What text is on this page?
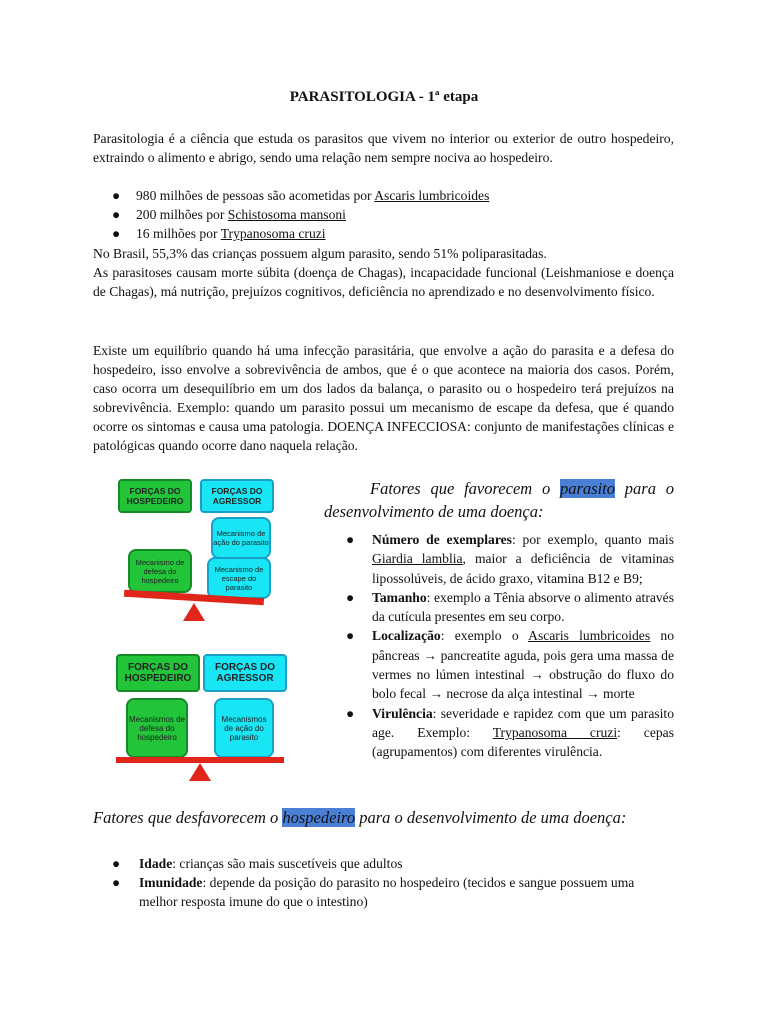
PARASITOLOGIA - 1ª etapa
Parasitologia é a ciência que estuda os parasitos que vivem no interior ou exterior de outro hospedeiro, extraindo o alimento e abrigo, sendo uma relação nem sempre nociva ao hospedeiro.
● 980 milhões de pessoas são acometidas por Ascaris lumbricoides
● 200 milhões por Schistosoma mansoni
● 16 milhões por Trypanosoma cruzi
No Brasil, 55,3% das crianças possuem algum parasito, sendo 51% poliparasitadas.
As parasitoses causam morte súbita (doença de Chagas), incapacidade funcional (Leishmaniose e doença de Chagas), má nutrição, prejuízos cognitivos, deficiência no aprendizado e no desenvolvimento físico.
Existe um equilíbrio quando há uma infecção parasitária, que envolve a ação do parasita e a defesa do hospedeiro, isso envolve a sobrevivência de ambos, que é o que acontece na maioria dos casos. Porém, caso ocorra um desequilíbrio em um dos lados da balança, o parasito ou o hospedeiro terá prejuízos na sobrevivência. Exemplo: quando um parasito possui um mecanismo de escape da defesa, que é quando ocorre os sintomas e causa uma patologia. DOENÇA INFECCIOSA: conjunto de manifestações clínicas e patológicas quando ocorre dano naquela relação.
FORÇAS DO HOSPEDEIRO
FORÇAS DO AGRESSOR
Mecanismo de ação do parasito
Mecanismo de escape do parasito
Mecanismo de defesa do hospedeiro
FORÇAS DO HOSPEDEIRO
FORÇAS DO AGRESSOR
Mecanismos de defesa do hospedeiro
Mecanismos de ação do parasito
Fatores que favorecem o parasito para o desenvolvimento de uma doença:
● Número de exemplares: por exemplo, quanto mais Giardia lamblia, maior a deficiência de vitaminas lipossolúveis, de ácido graxo, vitamina B12 e B9;
● Tamanho: exemplo a Tênia absorve o alimento através da cutícula presentes em seu corpo.
● Localização: exemplo o Ascaris lumbricoides no pâncreas → pancreatite aguda, pois gera uma massa de vermes no lúmen intestinal → obstrução do fluxo do bolo fecal → necrose da alça intestinal → morte
● Virulência: severidade e rapidez com que um parasito age. Exemplo: Trypanosoma cruzi: cepas (agrupamentos) com diferentes virulência.
Fatores que desfavorecem o hospedeiro para o desenvolvimento de uma doença:
● Idade: crianças são mais suscetíveis que adultos
● Imunidade: depende da posição do parasito no hospedeiro (tecidos e sangue possuem uma melhor resposta imune do que o intestino)
